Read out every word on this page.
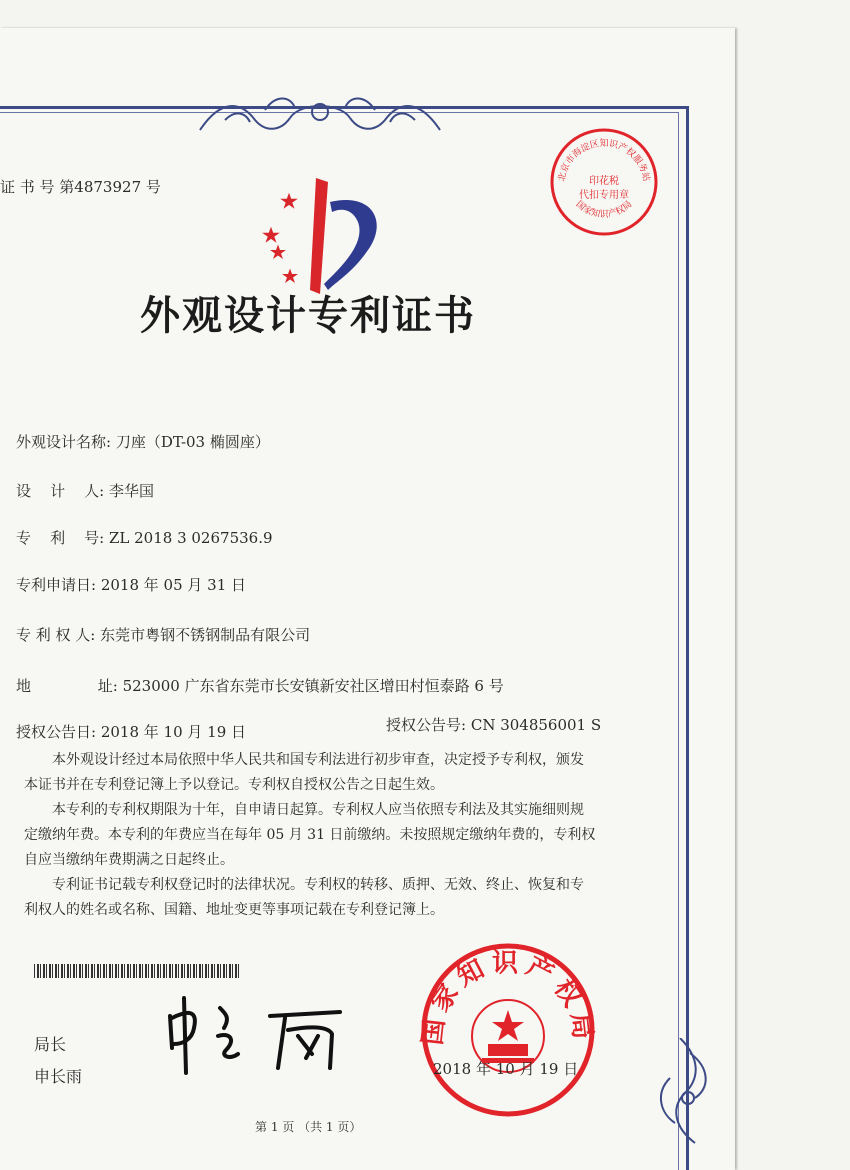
证 书 号 第4873927 号
外观设计专利证书
外观设计名称: 刀座（DT-03 椭圆座）
设    计    人: 李华国
专    利    号: ZL 2018 3 0267536.9
专利申请日: 2018 年 05 月 31 日
专 利 权 人: 东莞市粤钢不锈钢制品有限公司
地              址: 523000 广东省东莞市长安镇新安社区增田村恒泰路 6 号
授权公告日: 2018 年 10 月 19 日	授权公告号: CN 304856001 S
本外观设计经过本局依照中华人民共和国专利法进行初步审查，决定授予专利权，颁发
本证书并在专利登记簿上予以登记。专利权自授权公告之日起生效。
本专利的专利权期限为十年，自申请日起算。专利权人应当依照专利法及其实施细则规
定缴纳年费。本专利的年费应当在每年 05 月 31 日前缴纳。未按照规定缴纳年费的，专利权
自应当缴纳年费期满之日起终止。
专利证书记载专利权登记时的法律状况。专利权的转移、质押、无效、终止、恢复和专
利权人的姓名或名称、国籍、地址变更等事项记载在专利登记簿上。
局长
申长雨
北京市海淀区知识产权服务站
印花税
代扣专用章
国家知识产权局
国家知识产权局
2018 年 10 月 19 日
第 1 页 （共 1 页）
